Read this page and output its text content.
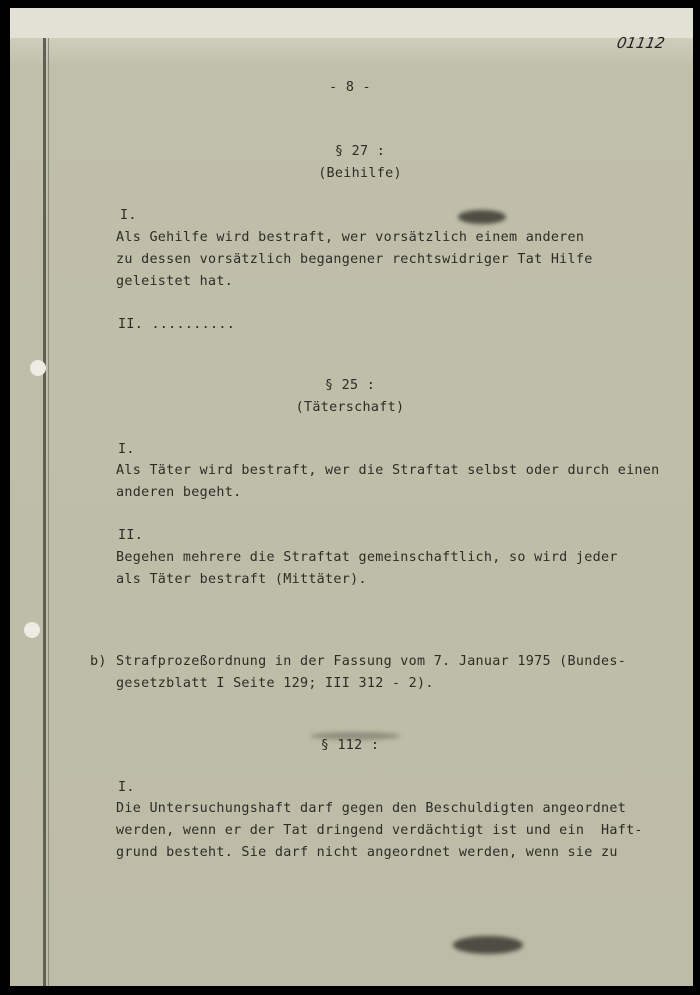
01112

- 8 -

§ 27 :

(Beihilfe)

I.

Als Gehilfe wird bestraft, wer vorsätzlich einem anderen

zu dessen vorsätzlich begangener rechtswidriger Tat Hilfe

geleistet hat.

II. ..........

§ 25 :

(Täterschaft)

I.

Als Täter wird bestraft, wer die Straftat selbst oder durch einen

anderen begeht.

II.

Begehen mehrere die Straftat gemeinschaftlich, so wird jeder

als Täter bestraft (Mittäter).

b) Strafprozeßordnung in der Fassung vom 7. Januar 1975 (Bundes-

gesetzblatt I Seite 129; III 312 - 2).

§ 112 :

I.

Die Untersuchungshaft darf gegen den Beschuldigten angeordnet

werden, wenn er der Tat dringend verdächtigt ist und ein  Haft-

grund besteht. Sie darf nicht angeordnet werden, wenn sie zu
